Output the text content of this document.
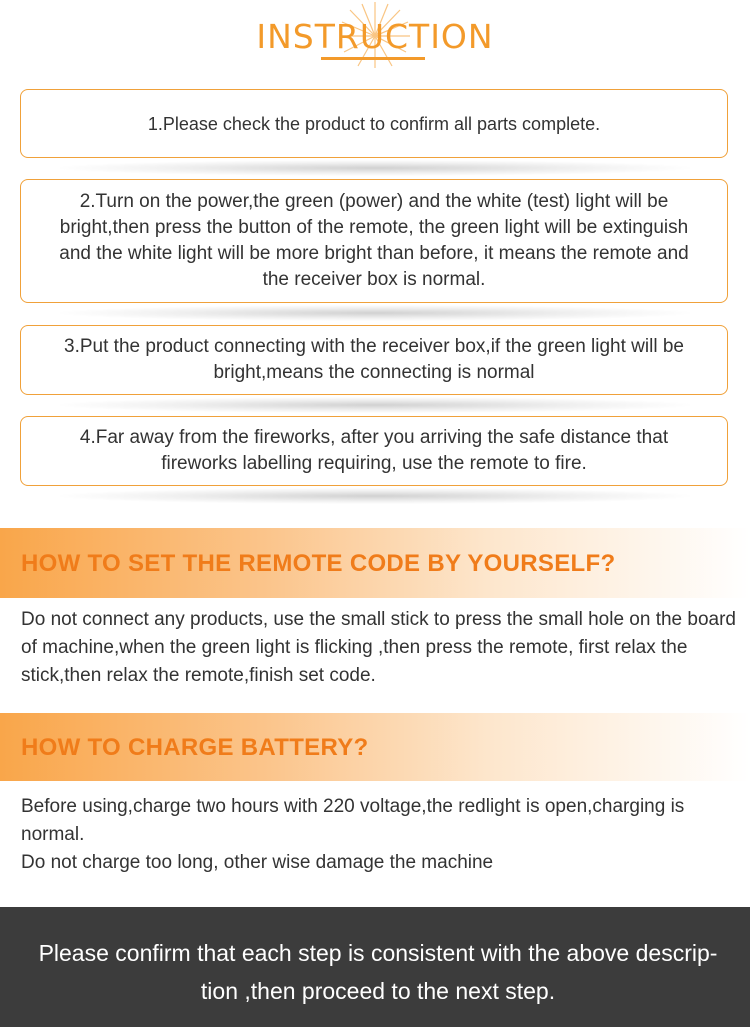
INSTRUCTION
1.Please check the product to confirm all parts complete.
2.Turn on the power,the green (power) and the white (test) light will be bright,then press the button of the remote, the green light will be extinguish and the white light will be more bright than before, it means the remote and the receiver box is normal.
3.Put the product connecting with the receiver box,if the green light will be bright,means the connecting is normal
4.Far away from the fireworks, after you arriving the safe distance that fireworks labelling requiring, use the remote to fire.
HOW TO SET THE REMOTE CODE BY YOURSELF?
Do not connect any products, use the small stick to press the small hole on the board of machine,when the green light is flicking ,then press the remote, first relax the stick,then relax the remote,finish set code.
HOW TO CHARGE BATTERY?
Before using,charge two hours with 220 voltage,the redlight is open,charging is normal.
Do not charge too long, other wise damage the machine
Please confirm that each step is consistent with the above descrip-tion ,then proceed to the next step.
